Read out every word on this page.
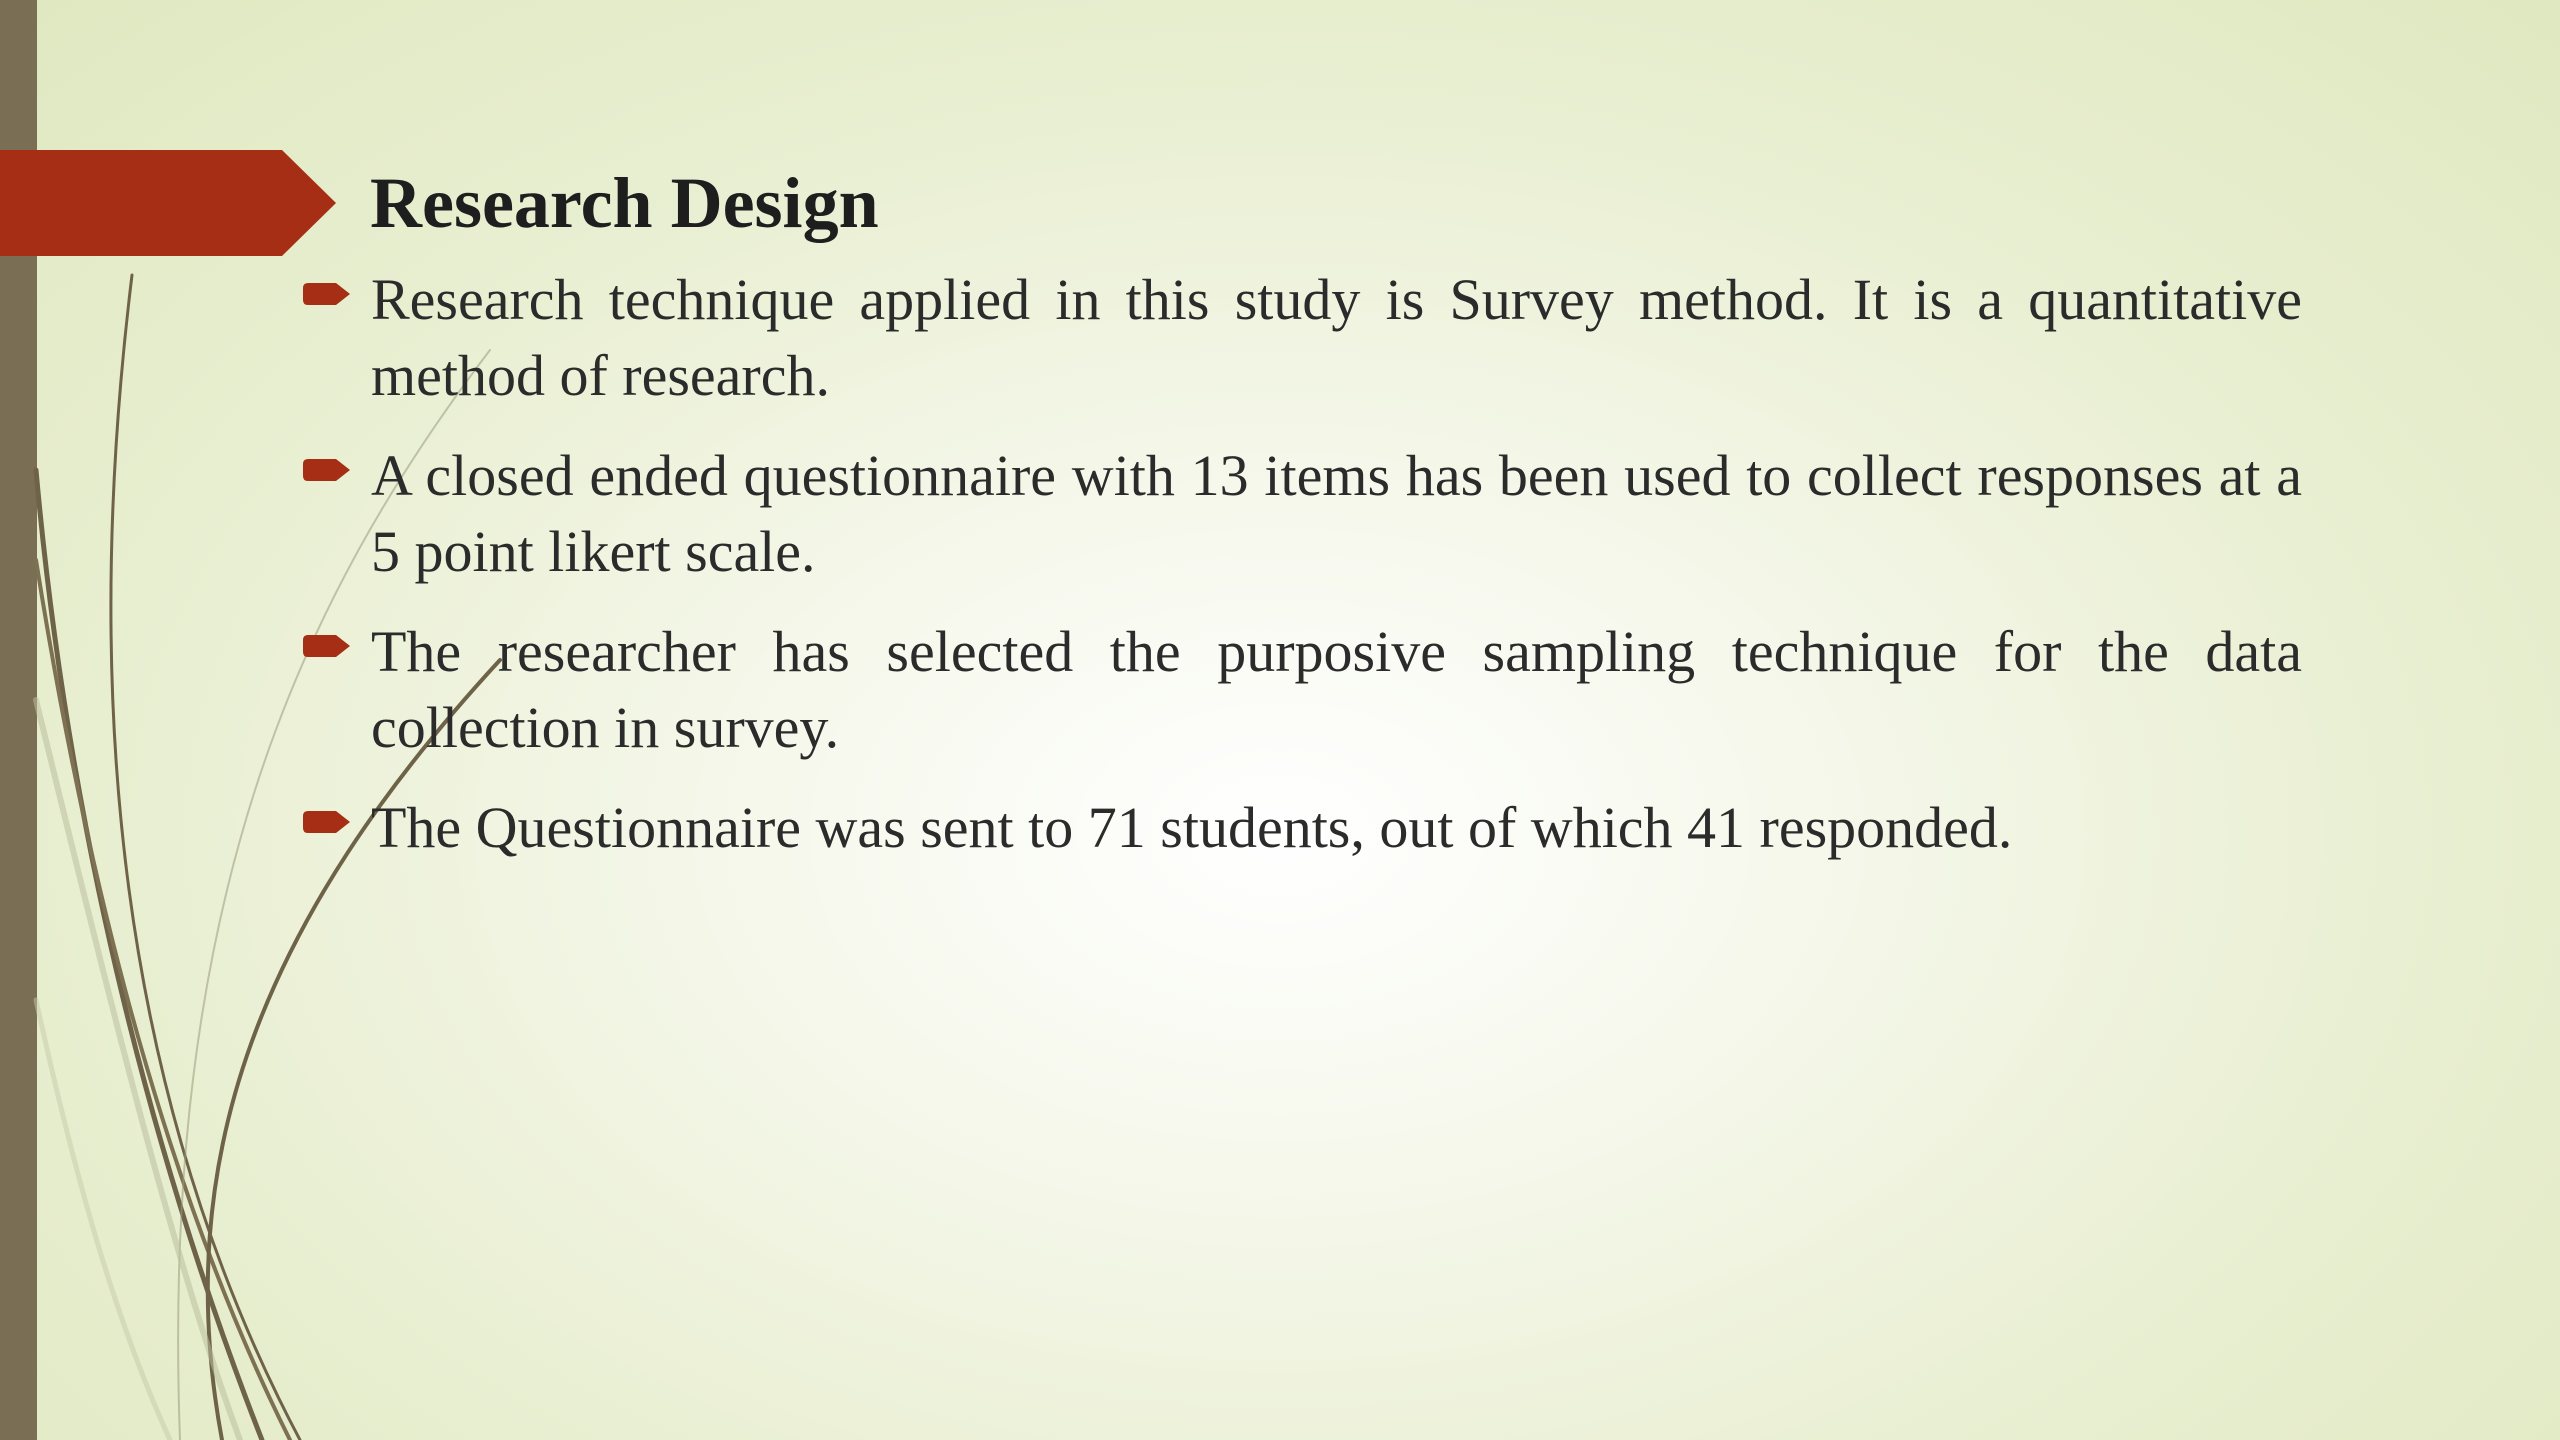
Research Design
Research technique applied in this study is Survey method. It is a quantitative method of research.
A closed ended questionnaire with 13 items has been used to collect responses at a 5 point likert scale.
The researcher has selected the purposive sampling technique for the data collection in survey.
The Questionnaire was sent to 71 students, out of which 41 responded.
